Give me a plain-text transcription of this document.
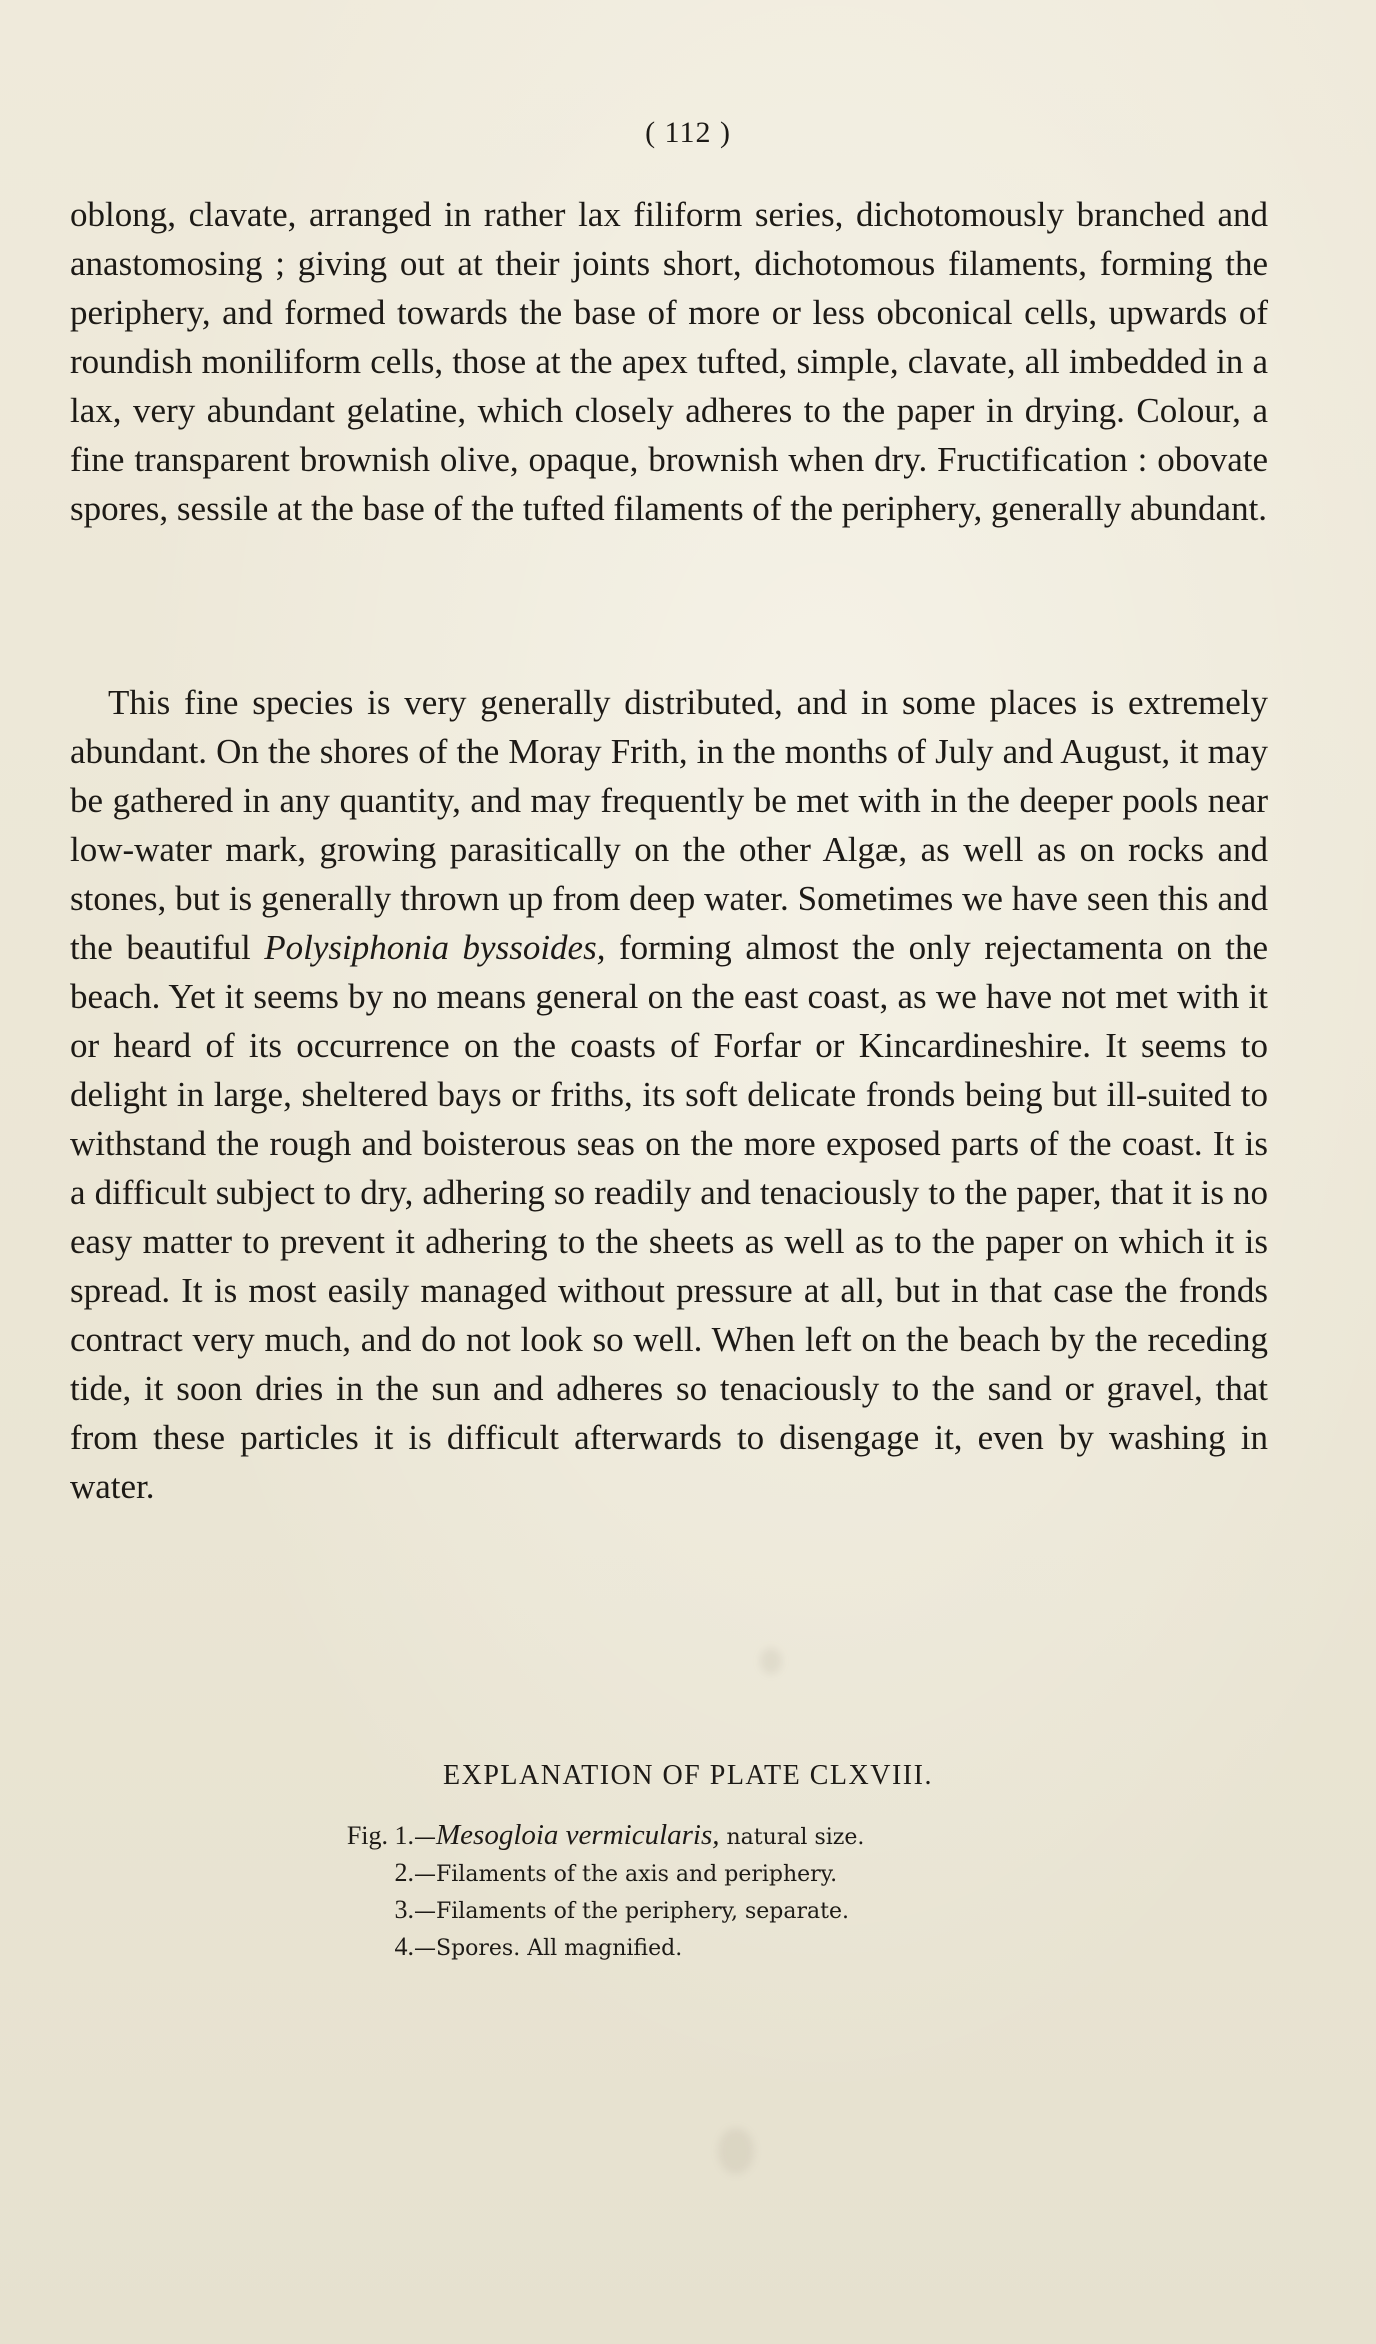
( 112 )

oblong, clavate, arranged in rather lax filiform series, dichotomously branched and anastomosing ; giving out at their joints short, dichotomous filaments, forming the periphery, and formed towards the base of more or less obconical cells, upwards of roundish moniliform cells, those at the apex tufted, simple, clavate, all imbedded in a lax, very abundant gelatine, which closely adheres to the paper in drying. Colour, a fine transparent brownish olive, opaque, brownish when dry. Fructification : obovate spores, sessile at the base of the tufted filaments of the periphery, generally abundant.

This fine species is very generally distributed, and in some places is extremely abundant. On the shores of the Moray Frith, in the months of July and August, it may be gathered in any quantity, and may frequently be met with in the deeper pools near low-water mark, growing parasitically on the other Algæ, as well as on rocks and stones, but is generally thrown up from deep water. Sometimes we have seen this and the beautiful Polysiphonia byssoides, forming almost the only rejectamenta on the beach. Yet it seems by no means general on the east coast, as we have not met with it or heard of its occurrence on the coasts of Forfar or Kincardineshire. It seems to delight in large, sheltered bays or friths, its soft delicate fronds being but ill-suited to withstand the rough and boisterous seas on the more exposed parts of the coast. It is a difficult subject to dry, adhering so readily and tenaciously to the paper, that it is no easy matter to prevent it adhering to the sheets as well as to the paper on which it is spread. It is most easily managed without pressure at all, but in that case the fronds contract very much, and do not look so well. When left on the beach by the receding tide, it soon dries in the sun and adheres so tenaciously to the sand or gravel, that from these particles it is difficult afterwards to disengage it, even by washing in water.

EXPLANATION OF PLATE CLXVIII.
Fig. 1.—Mesogloia vermicularis, natural size.
2.—Filaments of the axis and periphery.
3.—Filaments of the periphery, separate.
4.—Spores. All magnified.
